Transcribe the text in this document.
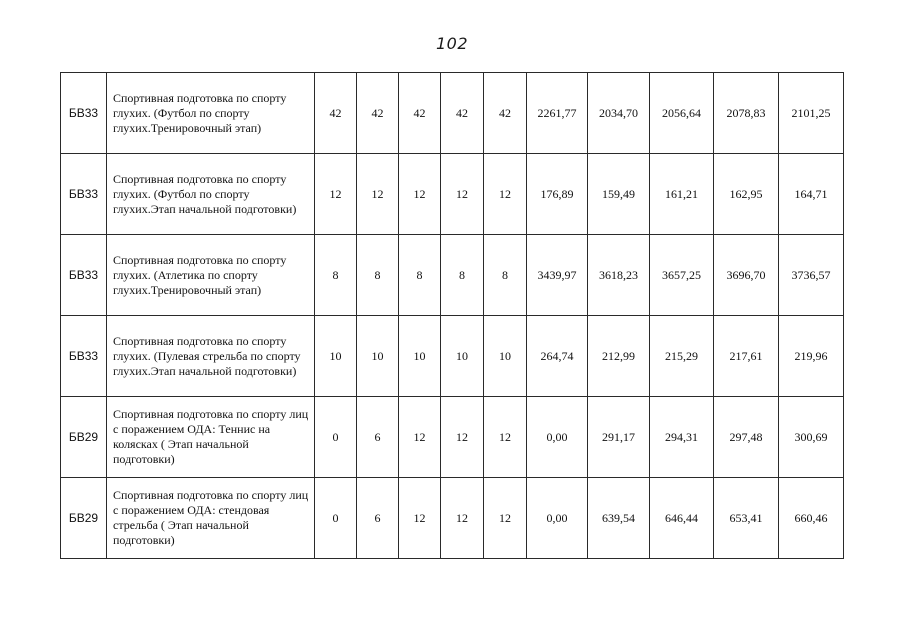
102
БВ33	Спортивная подготовка по спорту глухих. (Футбол по спорту глухих.Тренировочный этап)	42	42	42	42	42	2261,77	2034,70	2056,64	2078,83	2101,25
БВ33	Спортивная подготовка по спорту глухих. (Футбол по спорту глухих.Этап начальной подготовки)	12	12	12	12	12	176,89	159,49	161,21	162,95	164,71
БВ33	Спортивная подготовка по спорту глухих. (Атлетика по спорту глухих.Тренировочный этап)	8	8	8	8	8	3439,97	3618,23	3657,25	3696,70	3736,57
БВ33	Спортивная подготовка по спорту глухих. (Пулевая стрельба по спорту глухих.Этап начальной подготовки)	10	10	10	10	10	264,74	212,99	215,29	217,61	219,96
БВ29	Спортивная подготовка по спорту лиц с поражением ОДА: Теннис на колясках ( Этап начальной подготовки)	0	6	12	12	12	0,00	291,17	294,31	297,48	300,69
БВ29	Спортивная подготовка по спорту лиц с поражением ОДА: стендовая стрельба ( Этап начальной подготовки)	0	6	12	12	12	0,00	639,54	646,44	653,41	660,46
